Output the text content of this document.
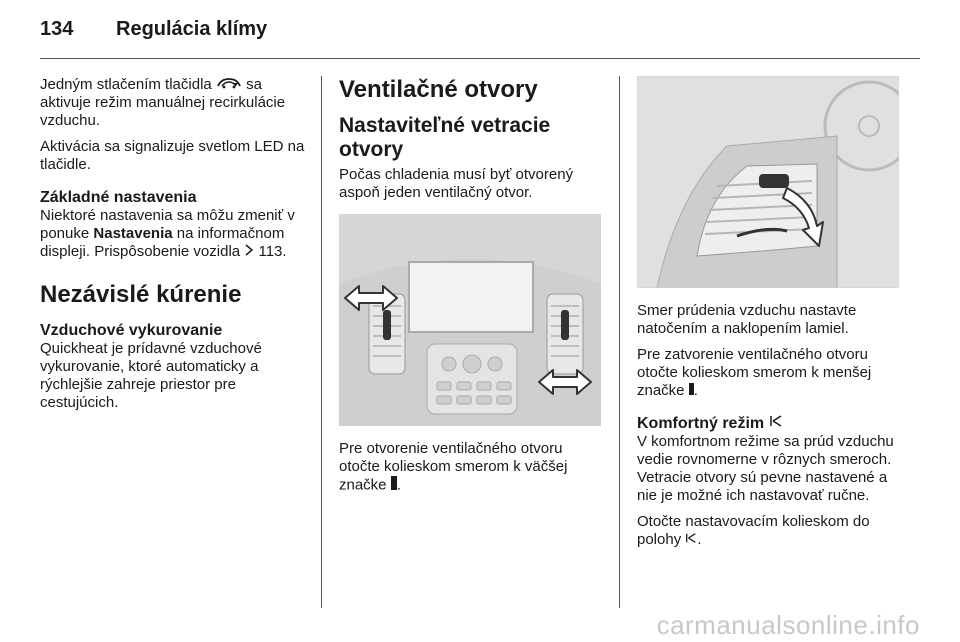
134	Regulácia klímy

Jedným stlačením tlačidla sa aktivuje režim manuálnej recirkulácie vzduchu.

Aktivácia sa signalizuje svetlom LED na tlačidle.

Základné nastavenia

Niektoré nastavenia sa môžu zmeniť v ponuke Nastavenia na informačnom displeji. Prispôsobenie vozidla 113.

Nezávislé kúrenie
Vzduchové vykurovanie

Quickheat je prídavné vzduchové vykurovanie, ktoré automaticky a rýchlejšie zahreje priestor pre cestujúcich.

Ventilačné otvory
Nastaviteľné vetracie otvory

Počas chladenia musí byť otvorený aspoň jeden ventilačný otvor.

Pre otvorenie ventilačného otvoru otočte kolieskom smerom k väčšej značke .

Smer prúdenia vzduchu nastavte natočením a naklopením lamiel.

Pre zatvorenie ventilačného otvoru otočte kolieskom smerom k menšej značke .

Komfortný režim

V komfortnom režime sa prúd vzduchu vedie rovnomerne v rôznych smeroch. Vetracie otvory sú pevne nastavené a nie je možné ich nastavovať ručne.

Otočte nastavovacím kolieskom do polohy .

carmanualsonline.info
